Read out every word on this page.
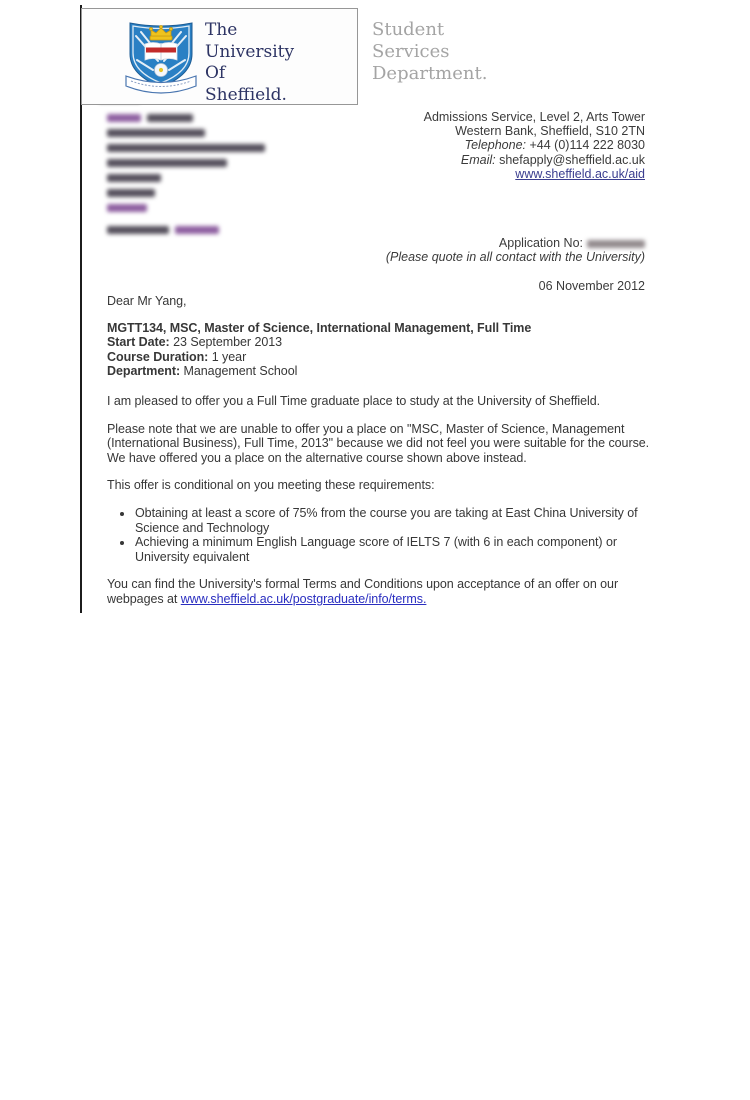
The
University
Of
Sheffield.
Student
Services
Department.
Admissions Service, Level 2, Arts Tower
Western Bank, Sheffield, S10 2TN
Telephone: +44 (0)114 222 8030
Email: shefapply@sheffield.ac.uk
www.sheffield.ac.uk/aid
Application No:
(Please quote in all contact with the University)
06 November 2012
Dear Mr Yang,
MGTT134, MSC, Master of Science, International Management, Full Time
Start Date: 23 September 2013
Course Duration: 1 year
Department: Management School

I am pleased to offer you a Full Time graduate place to study at the University of Sheffield.

Please note that we are unable to offer you a place on "MSC, Master of Science, Management (International Business), Full Time, 2013" because we did not feel you were suitable for the course. We have offered you a place on the alternative course shown above instead.

This offer is conditional on you meeting these requirements:

• Obtaining at least a score of 75% from the course you are taking at East China University of Science and Technology
• Achieving a minimum English Language score of IELTS 7 (with 6 in each component) or University equivalent

You can find the University's formal Terms and Conditions upon acceptance of an offer on our webpages at www.sheffield.ac.uk/postgraduate/info/terms.
